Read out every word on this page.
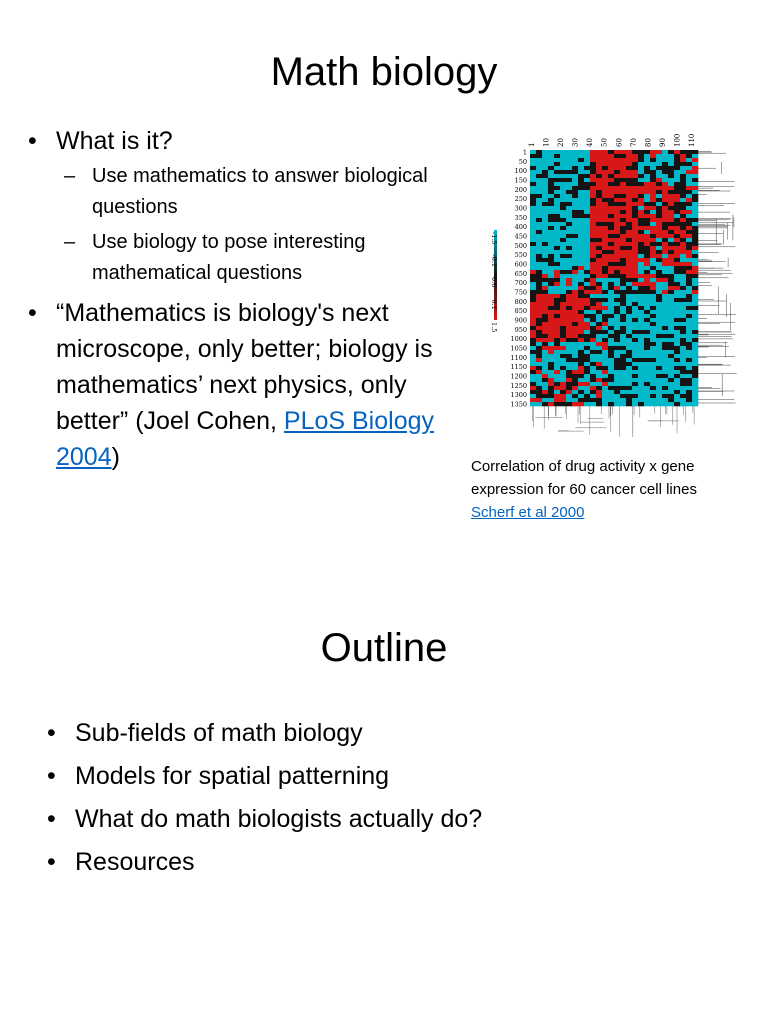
Math biology
• What is it?
– Use mathematics to answer biological questions
– Use biology to pose interesting mathematical questions
• “Mathematics is biology's next microscope, only better; biology is mathematics’ next physics, only better” (Joel Cohen, PLoS Biology 2004)
1 10 20 30 40 50 60 70 80 90 100 110
1
50
100
150
200
250
300
350
400
450
500
550
600
650
700
750
800
850
900
950
1000
1050
1100
1150
1200
1250
1300
1350
-1.5
-0.1
0.0
0.1
1.5
Correlation of drug activity x gene
expression for 60 cancer cell lines
Scherf et al 2000
Outline
• Sub-fields of math biology
• Models for spatial patterning
• What do math biologists actually do?
• Resources
